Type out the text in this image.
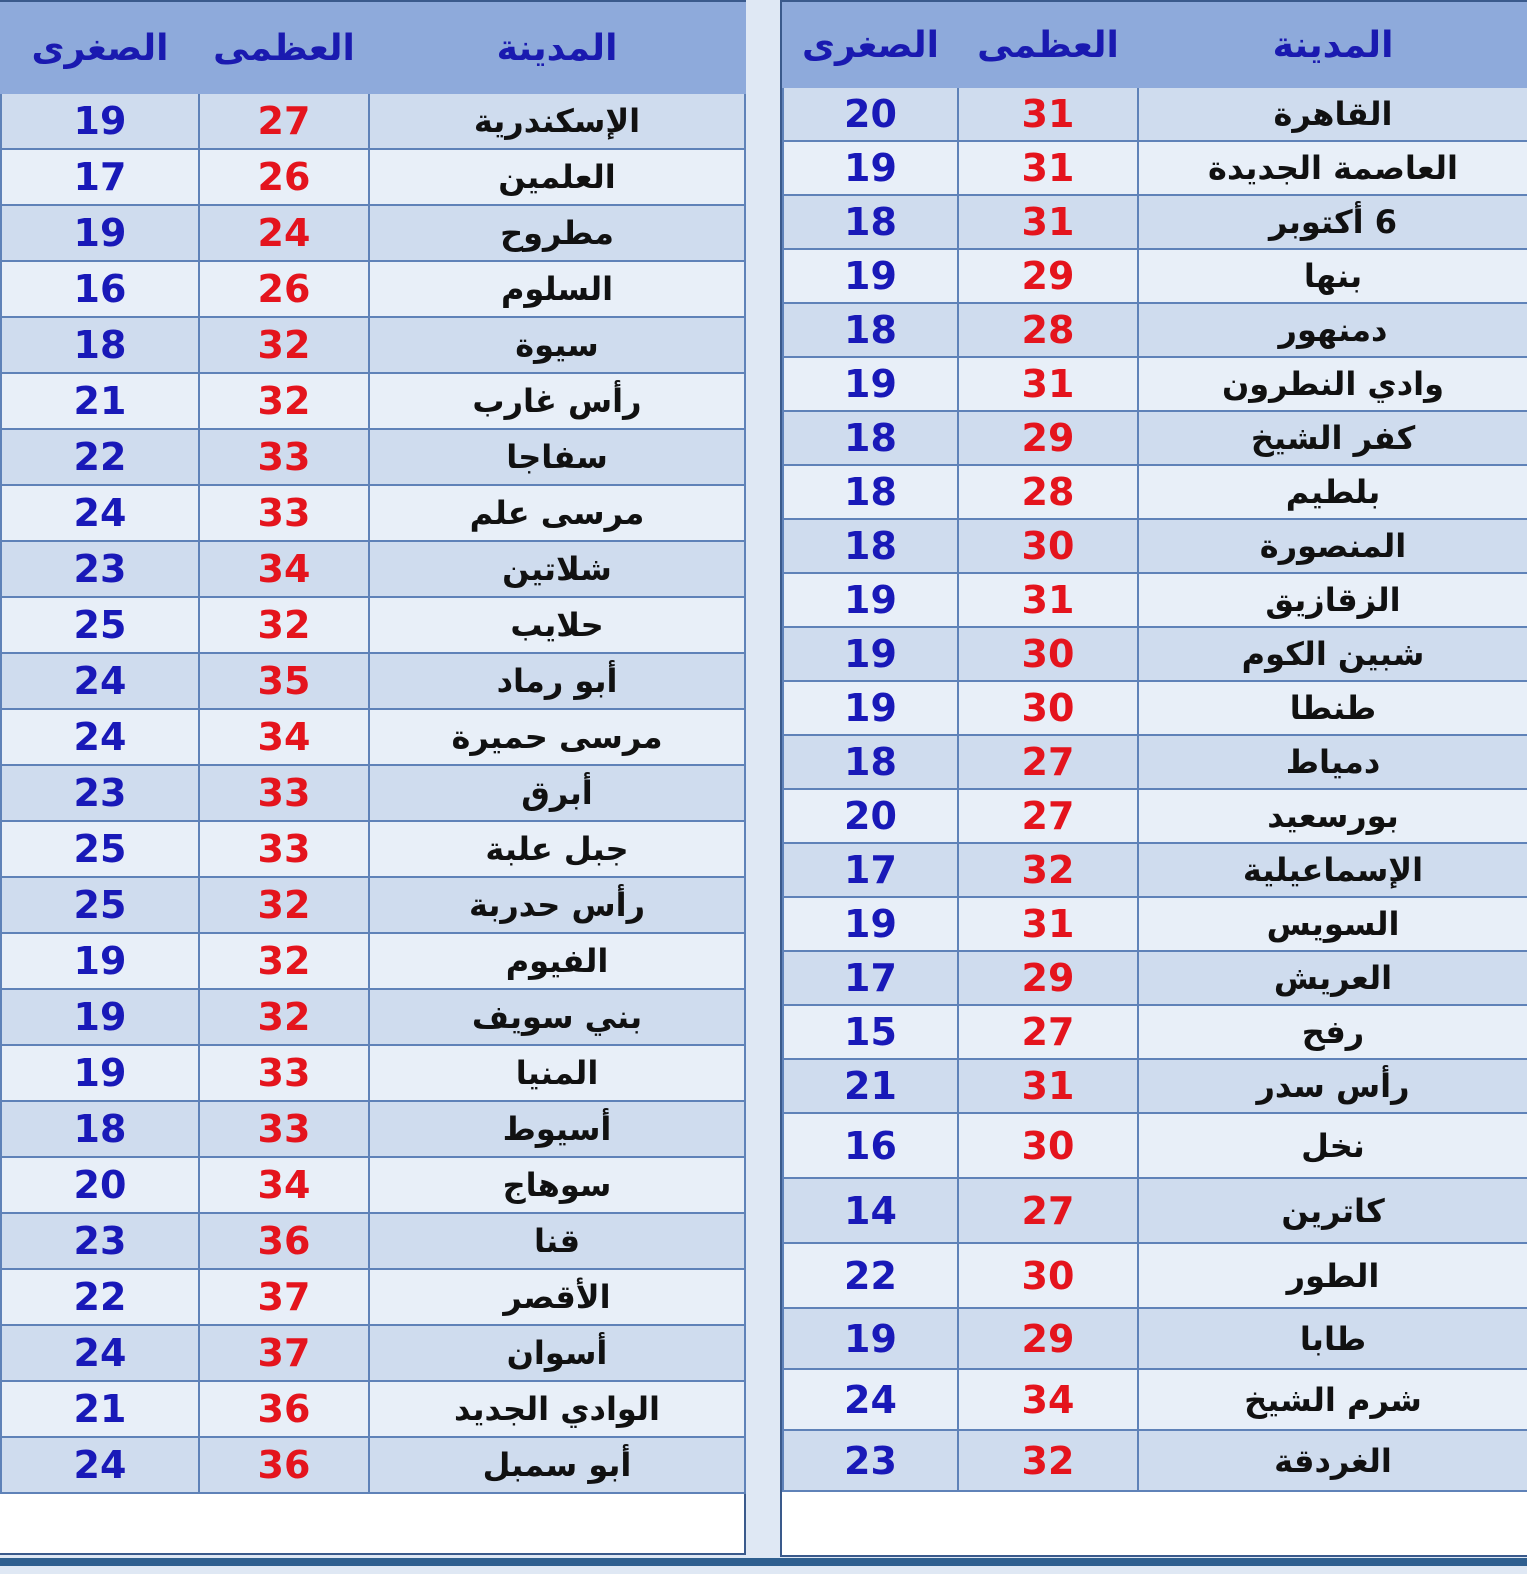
المدينة	العظمى	الصغرى
الإسكندرية	27	19
العلمين	26	17
مطروح	24	19
السلوم	26	16
سيوة	32	18
رأس غارب	32	21
سفاجا	33	22
مرسى علم	33	24
شلاتين	34	23
حلايب	32	25
أبو رماد	35	24
مرسى حميرة	34	24
أبرق	33	23
جبل علبة	33	25
رأس حدربة	32	25
الفيوم	32	19
بني سويف	32	19
المنيا	33	19
أسيوط	33	18
سوهاج	34	20
قنا	36	23
الأقصر	37	22
أسوان	37	24
الوادي الجديد	36	21
أبو سمبل	36	24
المدينة	العظمى	الصغرى
القاهرة	31	20
العاصمة الجديدة	31	19
6 أكتوبر	31	18
بنها	29	19
دمنهور	28	18
وادي النطرون	31	19
كفر الشيخ	29	18
بلطيم	28	18
المنصورة	30	18
الزقازيق	31	19
شبين الكوم	30	19
طنطا	30	19
دمياط	27	18
بورسعيد	27	20
الإسماعيلية	32	17
السويس	31	19
العريش	29	17
رفح	27	15
رأس سدر	31	21
نخل	30	16
كاترين	27	14
الطور	30	22
طابا	29	19
شرم الشيخ	34	24
الغردقة	32	23
